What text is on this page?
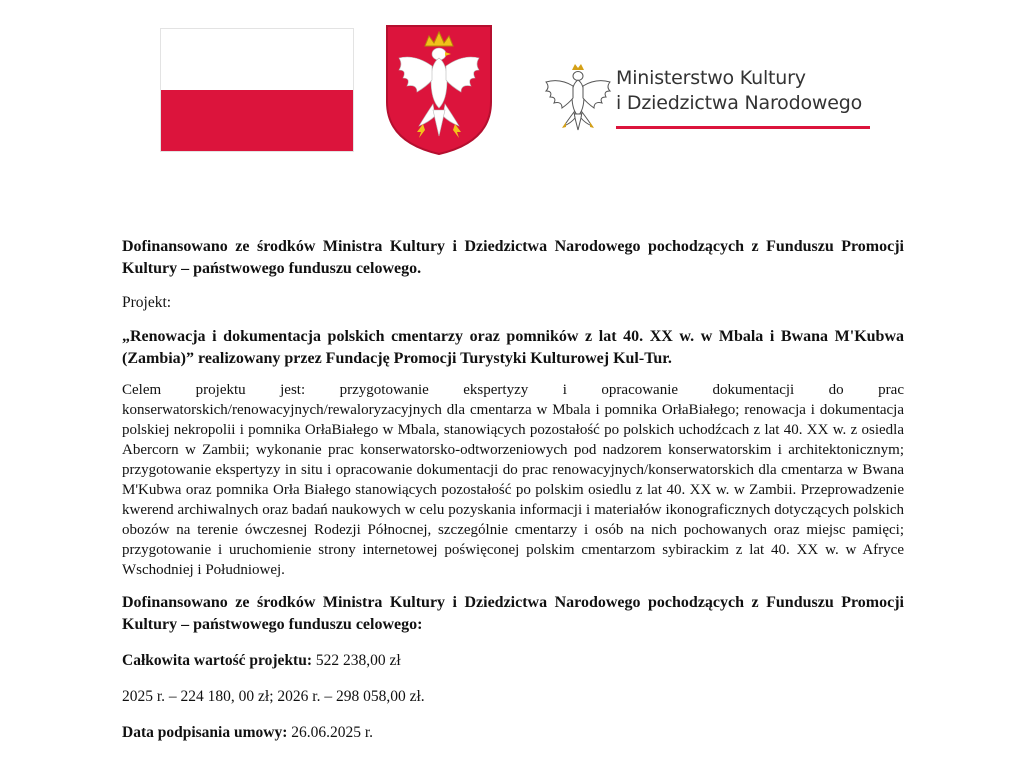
Ministerstwo Kultury
i Dziedzictwa Narodowego

Dofinansowano ze środków Ministra Kultury i Dziedzictwa Narodowego pochodzących z Funduszu Promocji Kultury – państwowego funduszu celowego.

Projekt:

„Renowacja i dokumentacja polskich cmentarzy oraz pomników z lat 40. XX w. w Mbala i Bwana M'Kubwa (Zambia)” realizowany przez Fundację Promocji Turystyki Kulturowej Kul-Tur.

Celem projektu jest: przygotowanie ekspertyzy i opracowanie dokumentacji do prac konserwatorskich/renowacyjnych/rewaloryzacyjnych dla cmentarza w Mbala i pomnika OrłaBiałego; renowacja i dokumentacja polskiej nekropolii i pomnika OrłaBiałego w Mbala, stanowiących pozostałość po polskich uchodźcach z lat 40. XX w. z osiedla Abercorn w Zambii; wykonanie prac konserwatorsko-odtworzeniowych pod nadzorem konserwatorskim i architektonicznym; przygotowanie ekspertyzy in situ i opracowanie dokumentacji do prac renowacyjnych/konserwatorskich dla cmentarza w Bwana M'Kubwa oraz pomnika Orła Białego stanowiących pozostałość po polskim osiedlu z lat 40. XX w. w Zambii. Przeprowadzenie kwerend archiwalnych oraz badań naukowych w celu pozyskania informacji i materiałów ikonograficznych dotyczących polskich obozów na terenie ówczesnej Rodezji Północnej, szczególnie cmentarzy i osób na nich pochowanych oraz miejsc pamięci; przygotowanie i uruchomienie strony internetowej poświęconej polskim cmentarzom sybirackim z lat 40. XX w. w Afryce Wschodniej i Południowej.

Dofinansowano ze środków Ministra Kultury i Dziedzictwa Narodowego pochodzących z Funduszu Promocji Kultury – państwowego funduszu celowego:

Całkowita wartość projektu: 522 238,00 zł

2025 r. – 224 180, 00 zł; 2026 r. – 298 058,00 zł.

Data podpisania umowy: 26.06.2025 r.
